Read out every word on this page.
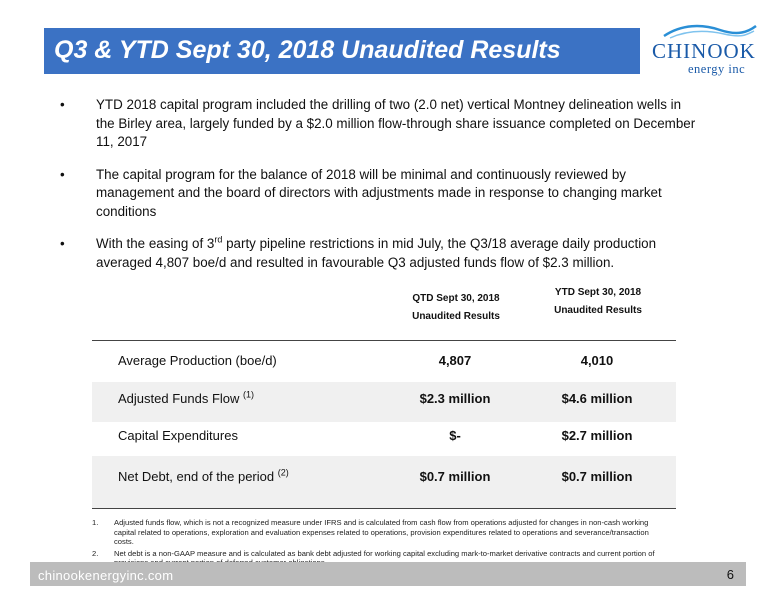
Q3 & YTD Sept 30, 2018 Unaudited Results	CHINOOK
energy inc
• YTD 2018 capital program included the drilling of two (2.0 net) vertical Montney delineation wells in the Birley area, largely funded by a $2.0 million flow-through share issuance completed on December 11, 2017
• The capital program for the balance of 2018 will be minimal and continuously reviewed by management and the board of directors with adjustments made in response to changing market conditions
• With the easing of 3rd party pipeline restrictions in mid July, the Q3/18 average daily production averaged 4,807 boe/d and resulted in favourable Q3 adjusted funds flow of $2.3 million.
QTD Sept 30, 2018
Unaudited Results
YTD Sept 30, 2018
Unaudited Results
Average Production (boe/d)	4,807	4,010
Adjusted Funds Flow $^{(1)}$	$2.3 million	$4.6 million
Capital Expenditures	$-	$2.7 million
Net Debt, end of the period $^{(2)}$	$0.7 million	$0.7 million
1. Adjusted funds flow, which is not a recognized measure under IFRS and is calculated from cash flow from operations adjusted for changes in non-cash working capital related to operations, exploration and evaluation expenses related to operations, provision expenditures related to operations and severance/transaction costs.
2. Net debt is a non-GAAP measure and is calculated as bank debt adjusted for working capital excluding mark-to-market derivative contracts and current portion of
chinookenergyinc.com	6
